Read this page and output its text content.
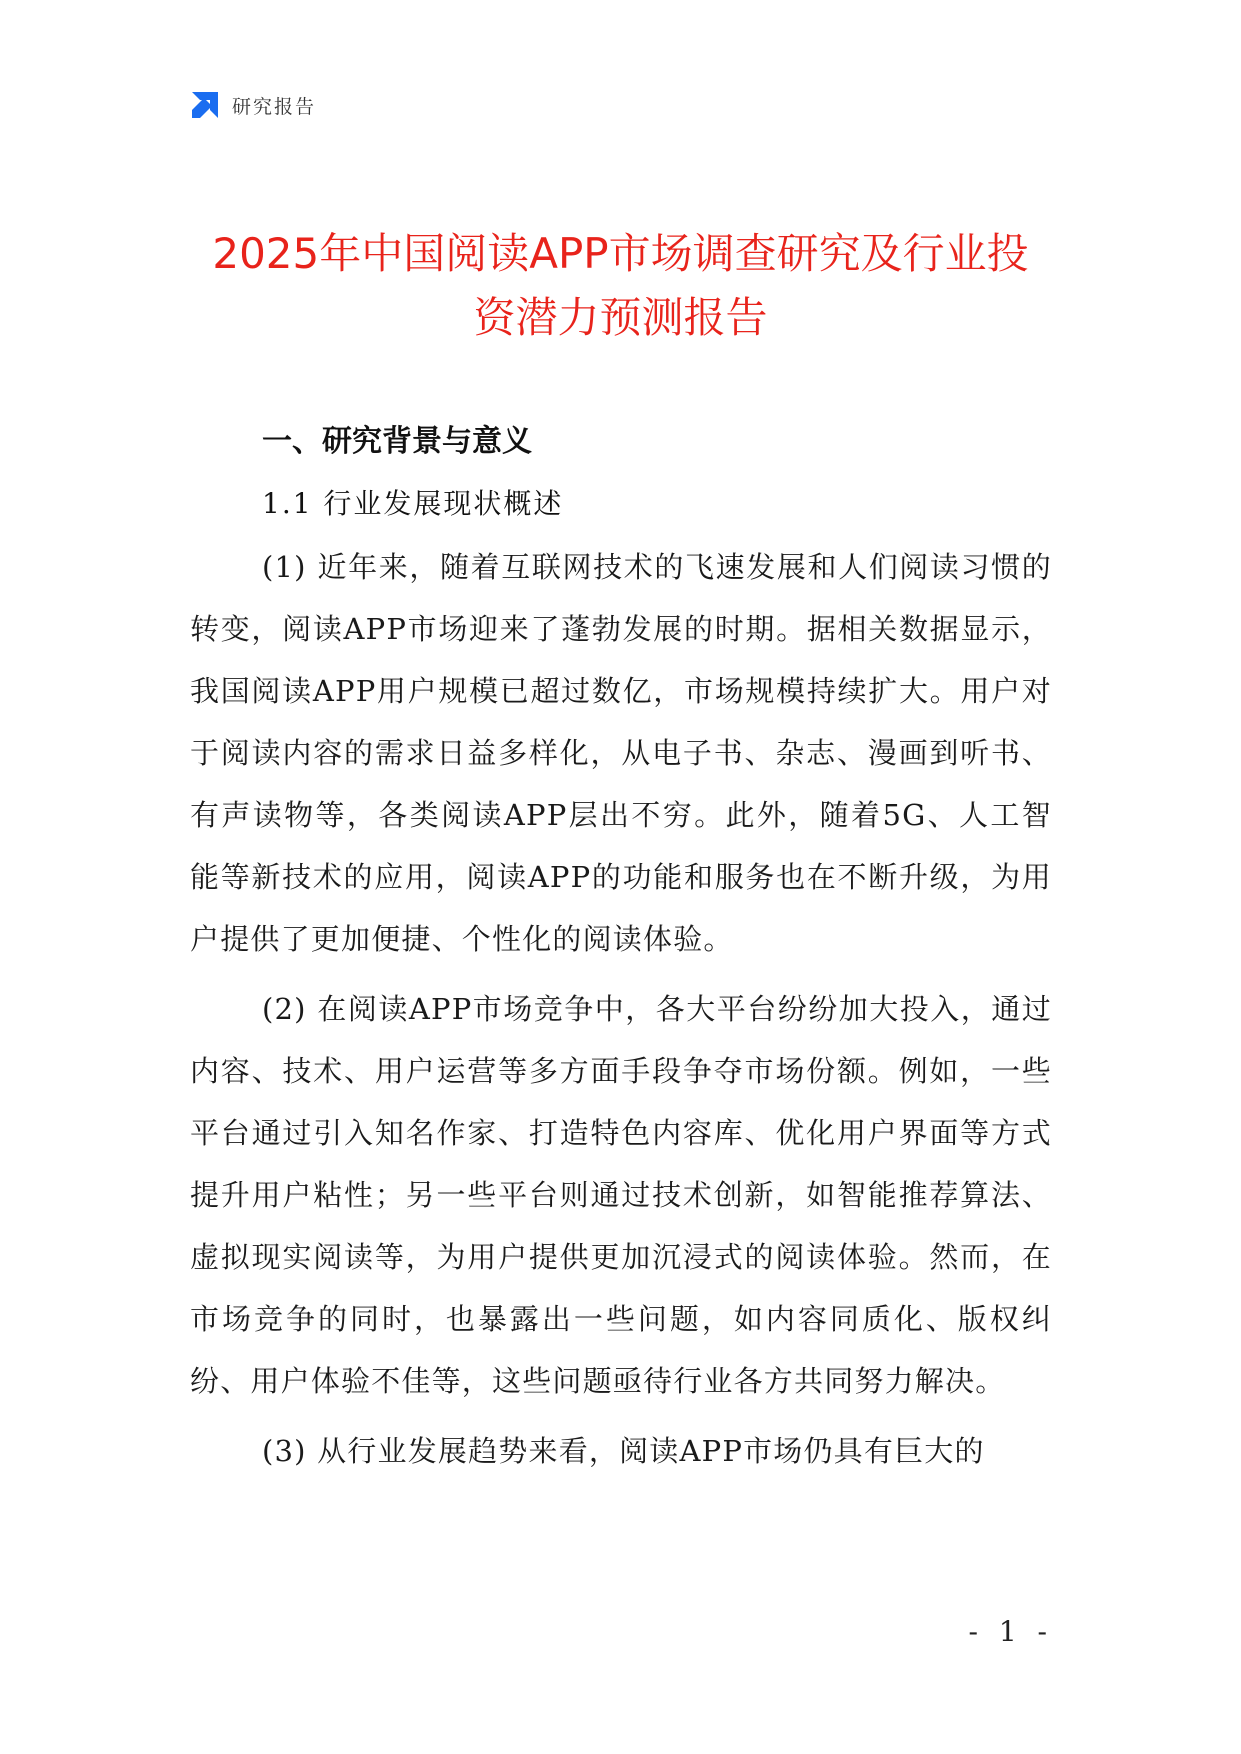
研究报告
2025年中国阅读APP市场调查研究及行业投
资潜力预测报告
一、研究背景与意义
1.1 行业发展现状概述

(1) 近年来，随着互联网技术的飞速发展和人们阅读习惯的转变，阅读APP市场迎来了蓬勃发展的时期。据相关数据显示，我国阅读APP用户规模已超过数亿，市场规模持续扩大。用户对于阅读内容的需求日益多样化，从电子书、杂志、漫画到听书、有声读物等，各类阅读APP层出不穷。此外，随着5G、人工智能等新技术的应用，阅读APP的功能和服务也在不断升级，为用户提供了更加便捷、个性化的阅读体验。

(2) 在阅读APP市场竞争中，各大平台纷纷加大投入，通过内容、技术、用户运营等多方面手段争夺市场份额。例如，一些平台通过引入知名作家、打造特色内容库、优化用户界面等方式提升用户粘性；另一些平台则通过技术创新，如智能推荐算法、虚拟现实阅读等，为用户提供更加沉浸式的阅读体验。然而，在市场竞争的同时，也暴露出一些问题，如内容同质化、版权纠纷、用户体验不佳等，这些问题亟待行业各方共同努力解决。

(3) 从行业发展趋势来看，阅读APP市场仍具有巨大的

- 1 -
